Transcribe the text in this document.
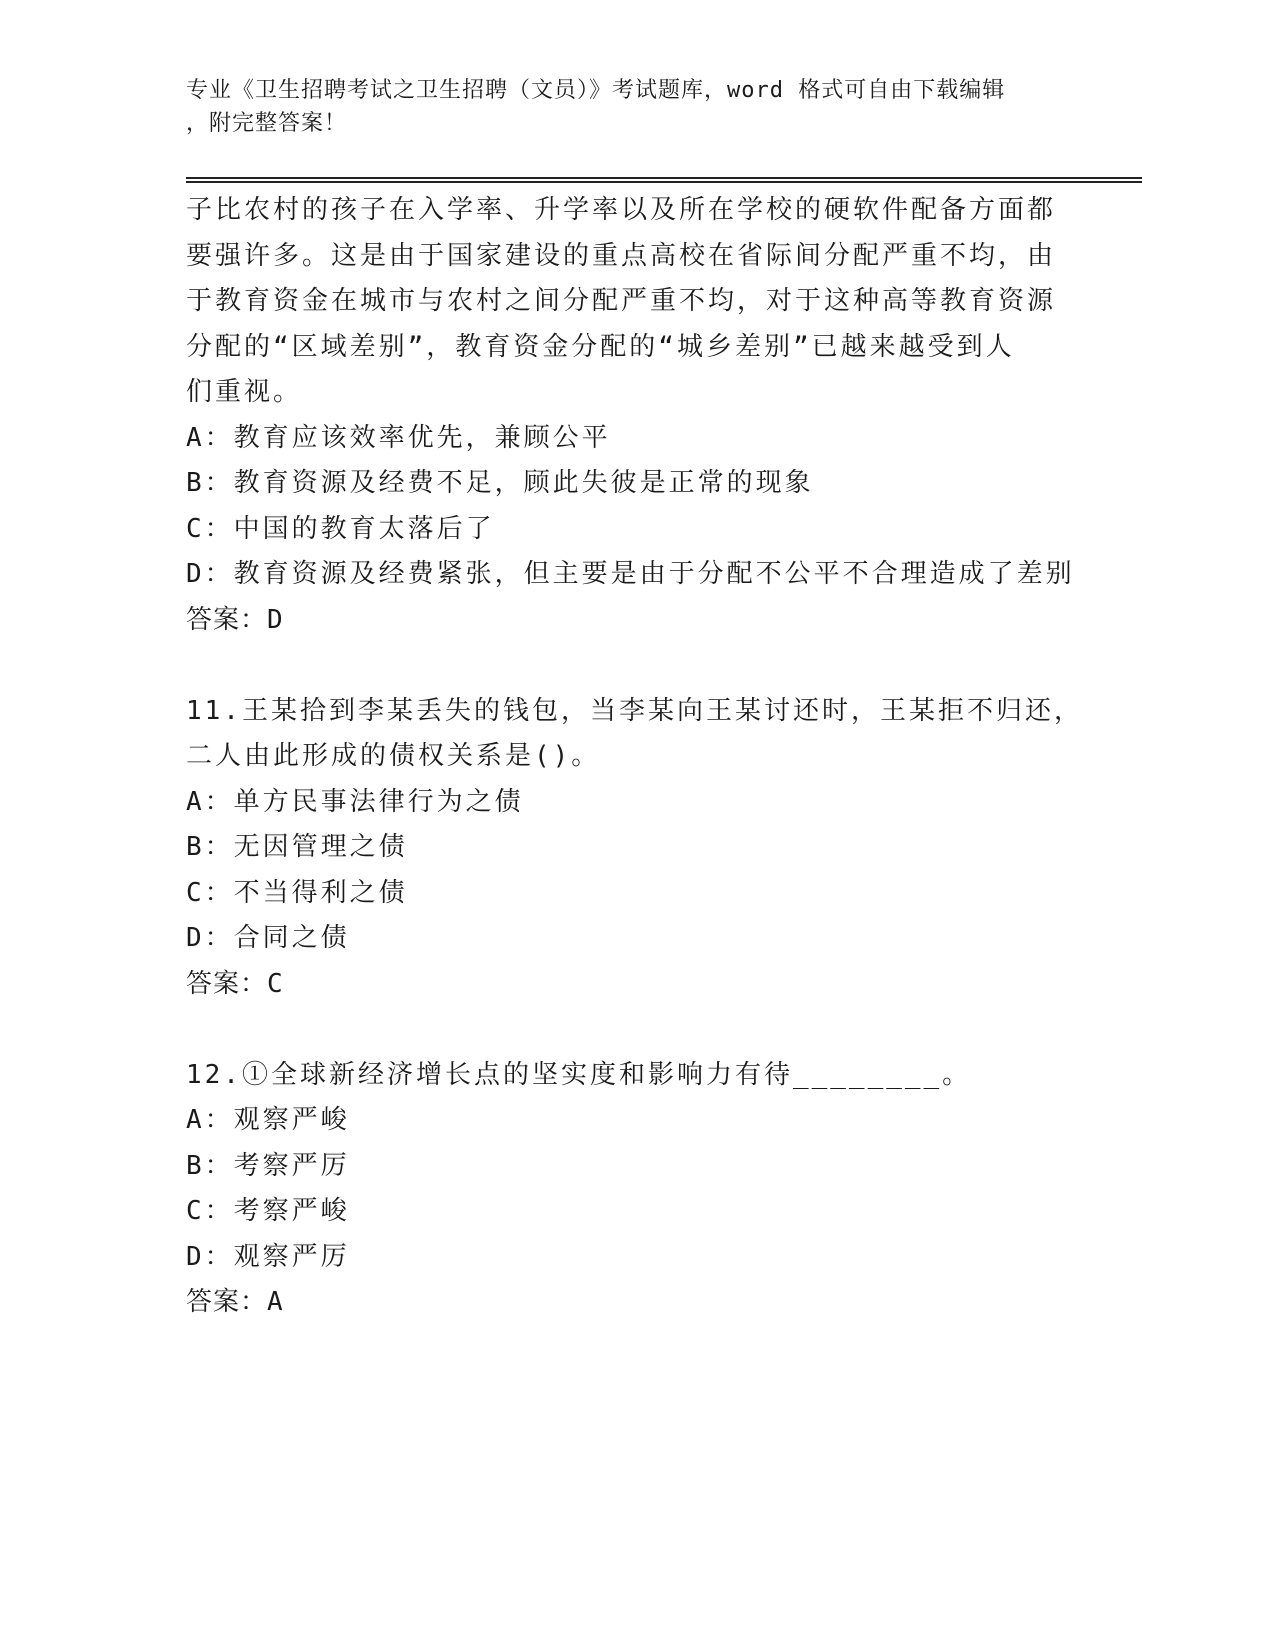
专业《卫生招聘考试之卫生招聘（文员）》考试题库，word 格式可自由下载编辑
，附完整答案！
子比农村的孩子在入学率、升学率以及所在学校的硬软件配备方面都
要强许多。这是由于国家建设的重点高校在省际间分配严重不均，由
于教育资金在城市与农村之间分配严重不均，对于这种高等教育资源
分配的“区域差别”，教育资金分配的“城乡差别”已越来越受到人
们重视。
A：教育应该效率优先，兼顾公平
B：教育资源及经费不足，顾此失彼是正常的现象
C：中国的教育太落后了
D：教育资源及经费紧张，但主要是由于分配不公平不合理造成了差别
答案：D
11.王某拾到李某丢失的钱包，当李某向王某讨还时，王某拒不归还，
二人由此形成的债权关系是()。
A：单方民事法律行为之债
B：无因管理之债
C：不当得利之债
D：合同之债
答案：C
12.①全球新经济增长点的坚实度和影响力有待________。
A：观察严峻
B：考察严厉
C：考察严峻
D：观察严厉
答案：A
